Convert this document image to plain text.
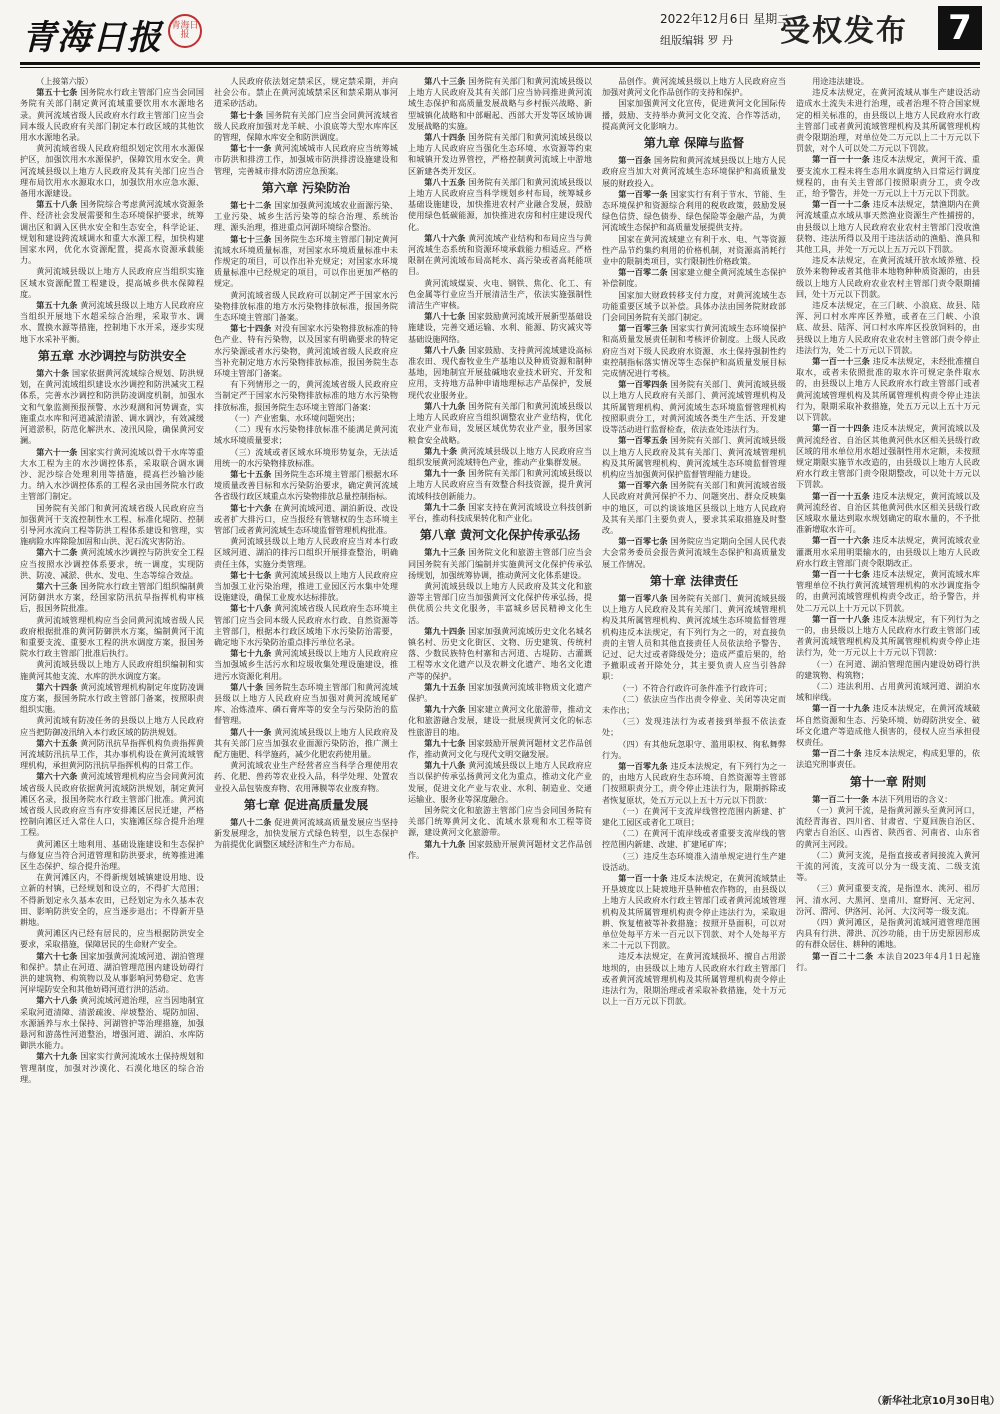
青海日报 青海日报
2022年12月6日 星期二
组版编辑 罗 丹 受权发布 7

（上接第六版）

第五十七条 国务院水行政主管部门应当会同国务院有关部门制定黄河流域重要饮用水水源地名录。黄河流域省级人民政府水行政主管部门应当会同本级人民政府有关部门制定本行政区域的其他饮用水水源地名录。

黄河流域省级人民政府组织划定饮用水水源保护区，加强饮用水水源保护，保障饮用水安全。黄河流域县级以上地方人民政府及其有关部门应当合理布局饮用水水源取水口，加强饮用水应急水源、备用水源建设。

第五十八条 国务院综合考虑黄河流域水资源条件、经济社会发展需要和生态环境保护要求，统筹调出区和调入区供水安全和生态安全，科学论证、规划和建设跨流域调水和重大水源工程，加快构建国家水网，优化水资源配置，提高水资源承载能力。

黄河流域县级以上地方人民政府应当组织实施区域水资源配置工程建设，提高城乡供水保障程度。

第五十九条 黄河流域县级以上地方人民政府应当组织开展地下水超采综合治理，采取节水、调水、置换水源等措施，控制地下水开采，逐步实现地下水采补平衡。

第五章 水沙调控与防洪安全

第六十条 国家依据黄河流域综合规划、防洪规划，在黄河流域组织建设水沙调控和防洪减灾工程体系，完善水沙调控和防洪防凌调度机制，加强水文和气象监测预报预警、水沙观测和河势调查，实施重点水库和河道减淤清淤、调水调沙，有效减缓河道淤积，防范化解洪水、凌汛风险，确保黄河安澜。

第六十一条 国家实行黄河流域以骨干水库等重大水工程为主的水沙调控体系，采取联合调水调沙、泥沙综合处理利用等措施，提高拦沙输沙能力。纳入水沙调控体系的工程名录由国务院水行政主管部门制定。

国务院有关部门和黄河流域省级人民政府应当加强黄河干支流控制性水工程、标准化堤防、控制引导河水流向工程等防洪工程体系建设和管理，实施病险水库除险加固和山洪、泥石流灾害防治。

第六十二条 黄河流域水沙调控与防洪安全工程应当按照水沙调控体系要求，统一调度，实现防洪、防凌、减淤、供水、发电、生态等综合效益。

第六十三条 国务院水行政主管部门组织编制黄河防御洪水方案，经国家防汛抗旱指挥机构审核后，报国务院批准。

黄河流域管理机构应当会同黄河流域省级人民政府根据批准的黄河防御洪水方案，编制黄河干流和重要支流、重要水工程的洪水调度方案，报国务院水行政主管部门批准后执行。

黄河流域县级以上地方人民政府组织编制和实施黄河其他支流、水库的洪水调度方案。

第六十四条 黄河流域管理机构制定年度防凌调度方案，报国务院水行政主管部门备案，按照职责组织实施。

黄河流域有防凌任务的县级以上地方人民政府应当把防御凌汛纳入本行政区域的防洪规划。

第六十五条 黄河防汛抗旱指挥机构负责指挥黄河流域防汛抗旱工作，其办事机构设在黄河流域管理机构，承担黄河防汛抗旱指挥机构的日常工作。

第六十六条 黄河流域管理机构应当会同黄河流域省级人民政府依据黄河流域防洪规划，制定黄河滩区名录，报国务院水行政主管部门批准。黄河流域省级人民政府应当有序安排滩区居民迁建，严格控制向滩区迁入常住人口，实施滩区综合提升治理工程。

黄河滩区土地利用、基础设施建设和生态保护与修复应当符合河道管理和防洪要求，统筹推进滩区生态保护、综合提升治理。

在黄河滩区内，不得新规划城镇建设用地、设立新的村镇，已经规划和设立的，不得扩大范围；不得新划定永久基本农田，已经划定为永久基本农田、影响防洪安全的，应当逐步退出；不得新开垦耕地。

黄河滩区内已经有居民的，应当根据防洪安全要求，采取措施，保障居民的生命财产安全。

第六十七条 国家加强黄河流域河道、湖泊管理和保护。禁止在河道、湖泊管理范围内建设妨碍行洪的建筑物、构筑物以及从事影响河势稳定、危害河岸堤防安全和其他妨碍河道行洪的活动。

第六十八条 黄河流域河道治理，应当因地制宜采取河道清障、清淤疏浚、岸坡整治、堤防加固、水源涵养与水土保持、河湖管护等治理措施，加强悬河和游荡性河道整治，增强河道、湖泊、水库防御洪水能力。

第六十九条 国家实行黄河流域水土保持规划和管理制度，加强对沙漠化、石漠化地区的综合治理。

人民政府依法划定禁采区，规定禁采期，并向社会公布。禁止在黄河流域禁采区和禁采期从事河道采砂活动。

第七十条 国务院有关部门应当会同黄河流域省级人民政府加强对龙羊峡、小浪底等大型水库库区的管理，保障水库安全和防洪调度。

第七十一条 黄河流域城市人民政府应当统筹城市防洪和排涝工作，加强城市防洪排涝设施建设和管理，完善城市排水防涝应急预案。

第六章 污染防治

第七十二条 国家加强黄河流域农业面源污染、工业污染、城乡生活污染等的综合治理、系统治理、源头治理，推进重点河湖环境综合整治。

第七十三条 国务院生态环境主管部门制定黄河流域水环境质量标准，对国家水环境质量标准中未作规定的项目，可以作出补充规定；对国家水环境质量标准中已经规定的项目，可以作出更加严格的规定。

黄河流域省级人民政府可以制定严于国家水污染物排放标准的地方水污染物排放标准，报国务院生态环境主管部门备案。

第七十四条 对没有国家水污染物排放标准的特色产业、特有污染物，以及国家有明确要求的特定水污染源或者水污染物，黄河流域省级人民政府应当补充制定地方水污染物排放标准，报国务院生态环境主管部门备案。

有下列情形之一的，黄河流域省级人民政府应当制定严于国家水污染物排放标准的地方水污染物排放标准，报国务院生态环境主管部门备案：

（一）产业密集、水环境问题突出；

（二）现有水污染物排放标准不能满足黄河流域水环境质量要求；

（三）流域或者区域水环境形势复杂，无法适用统一的水污染物排放标准。

第七十五条 国务院生态环境主管部门根据水环境质量改善目标和水污染防治要求，确定黄河流域各省级行政区域重点水污染物排放总量控制指标。

第七十六条 在黄河流域河道、湖泊新设、改设或者扩大排污口，应当报经有管辖权的生态环境主管部门或者黄河流域生态环境监督管理机构批准。

黄河流域县级以上地方人民政府应当对本行政区域河道、湖泊的排污口组织开展排查整治，明确责任主体，实施分类管理。

第七十七条 黄河流域县级以上地方人民政府应当加强工业污染治理，推进工业园区污水集中处理设施建设，确保工业废水达标排放。

第七十八条 黄河流域省级人民政府生态环境主管部门应当会同本级人民政府水行政、自然资源等主管部门，根据本行政区域地下水污染防治需要，确定地下水污染防治重点排污单位名录。

第七十九条 黄河流域县级以上地方人民政府应当加强城乡生活污水和垃圾收集处理设施建设，推进污水资源化利用。

第八十条 国务院生态环境主管部门和黄河流域县级以上地方人民政府应当加强对黄河流域尾矿库、冶炼渣库、磷石膏库等的安全与污染防治的监督管理。

第八十一条 黄河流域县级以上地方人民政府及其有关部门应当加强农业面源污染防治，推广测土配方施肥、科学施药，减少化肥农药使用量。

黄河流域农业生产经营者应当科学合理使用农药、化肥、兽药等农业投入品，科学处理、处置农业投入品包装废弃物、农用薄膜等农业废弃物。

第七章 促进高质量发展

第八十二条 促进黄河流域高质量发展应当坚持新发展理念，加快发展方式绿色转型，以生态保护为前提优化调整区域经济和生产力布局。

第八十三条 国务院有关部门和黄河流域县级以上地方人民政府及其有关部门应当协同推进黄河流域生态保护和高质量发展战略与乡村振兴战略、新型城镇化战略和中部崛起、西部大开发等区域协调发展战略的实施。

第八十四条 国务院有关部门和黄河流域县级以上地方人民政府应当强化生态环境、水资源等约束和城镇开发边界管控，严格控制黄河流域上中游地区新建各类开发区。

第八十五条 国务院有关部门和黄河流域县级以上地方人民政府应当科学规划乡村布局，统筹城乡基础设施建设，加快推进农村产业融合发展，鼓励使用绿色低碳能源，加快推进农房和村庄建设现代化。

第八十六条 黄河流域产业结构和布局应当与黄河流域生态系统和资源环境承载能力相适应。严格限制在黄河流域布局高耗水、高污染或者高耗能项目。

黄河流域煤炭、火电、钢铁、焦化、化工、有色金属等行业应当开展清洁生产，依法实施强制性清洁生产审核。

第八十七条 国家鼓励黄河流域开展新型基础设施建设，完善交通运输、水利、能源、防灾减灾等基础设施网络。

第八十八条 国家鼓励、支持黄河流域建设高标准农田、现代畜牧业生产基地以及种质资源和制种基地，因地制宜开展盐碱地农业技术研究、开发和应用，支持地方品种申请地理标志产品保护，发展现代农业服务业。

第八十九条 国务院有关部门和黄河流域县级以上地方人民政府应当组织调整农业产业结构，优化农业产业布局，发展区域优势农业产业，服务国家粮食安全战略。

第九十条 黄河流域县级以上地方人民政府应当组织发展黄河流域特色产业，推动产业集群发展。

第九十一条 国务院有关部门和黄河流域县级以上地方人民政府应当有效整合科技资源，提升黄河流域科技创新能力。

第九十二条 国家支持在黄河流域设立科技创新平台，推动科技成果转化和产业化。

第八章 黄河文化保护传承弘扬

第九十三条 国务院文化和旅游主管部门应当会同国务院有关部门编制并实施黄河文化保护传承弘扬规划，加强统筹协调，推动黄河文化体系建设。

黄河流域县级以上地方人民政府及其文化和旅游等主管部门应当加强黄河文化保护传承弘扬，提供优质公共文化服务，丰富城乡居民精神文化生活。

第九十四条 国家加强黄河流域历史文化名城名镇名村、历史文化街区、文物、历史建筑、传统村落、少数民族特色村寨和古河道、古堤防、古灌溉工程等水文化遗产以及农耕文化遗产、地名文化遗产等的保护。

第九十五条 国家加强黄河流域非物质文化遗产保护。

第九十六条 国家建立黄河文化旅游带，推动文化和旅游融合发展，建设一批展现黄河文化的标志性旅游目的地。

第九十七条 国家鼓励开展黄河题材文艺作品创作，推动黄河文化与现代文明交融发展。

第九十八条 黄河流域县级以上地方人民政府应当以保护传承弘扬黄河文化为重点，推动文化产业发展，促进文化产业与农业、水利、制造业、交通运输业、服务业等深度融合。

国务院文化和旅游主管部门应当会同国务院有关部门统筹黄河文化、流域水景观和水工程等资源，建设黄河文化旅游带。

第九十九条 国家鼓励开展黄河题材文艺作品创作。

品创作。黄河流域县级以上地方人民政府应当加强对黄河文化作品创作的支持和保护。

国家加强黄河文化宣传，促进黄河文化国际传播，鼓励、支持举办黄河文化交流、合作等活动，提高黄河文化影响力。

第九章 保障与监督

第一百条 国务院和黄河流域县级以上地方人民政府应当加大对黄河流域生态环境保护和高质量发展的财政投入。

第一百零一条 国家实行有利于节水、节能、生态环境保护和资源综合利用的税收政策，鼓励发展绿色信贷、绿色债券、绿色保险等金融产品，为黄河流域生态保护和高质量发展提供支持。

国家在黄河流域建立有利于水、电、气等资源性产品节约集约利用的价格机制，对资源高消耗行业中的限制类项目，实行限制性价格政策。

第一百零二条 国家建立健全黄河流域生态保护补偿制度。

国家加大财政转移支付力度，对黄河流域生态功能重要区域予以补偿。具体办法由国务院财政部门会同国务院有关部门制定。

第一百零三条 国家实行黄河流域生态环境保护和高质量发展责任制和考核评价制度。上级人民政府应当对下级人民政府水资源、水土保持强制性约束控制指标落实情况等生态保护和高质量发展目标完成情况进行考核。

第一百零四条 国务院有关部门、黄河流域县级以上地方人民政府有关部门、黄河流域管理机构及其所属管理机构、黄河流域生态环境监督管理机构按照职责分工，对黄河流域各类生产生活、开发建设等活动进行监督检查，依法查处违法行为。

第一百零五条 国务院有关部门、黄河流域县级以上地方人民政府及其有关部门、黄河流域管理机构及其所属管理机构、黄河流域生态环境监督管理机构应当加强黄河保护监督管理能力建设。

第一百零六条 国务院有关部门和黄河流域省级人民政府对黄河保护不力、问题突出、群众反映集中的地区，可以约谈该地区县级以上地方人民政府及其有关部门主要负责人，要求其采取措施及时整改。

第一百零七条 国务院应当定期向全国人民代表大会常务委员会报告黄河流域生态保护和高质量发展工作情况。

第十章 法律责任

第一百零八条 国务院有关部门、黄河流域县级以上地方人民政府及其有关部门、黄河流域管理机构及其所属管理机构、黄河流域生态环境监督管理机构违反本法规定，有下列行为之一的，对直接负责的主管人员和其他直接责任人员依法给予警告、记过、记大过或者降级处分；造成严重后果的，给予撤职或者开除处分，其主要负责人应当引咎辞职：

（一）不符合行政许可条件准予行政许可；

（二）依法应当作出责令停业、关闭等决定而未作出；

（三）发现违法行为或者接到举报不依法查处；

（四）有其他玩忽职守、滥用职权、徇私舞弊行为。

第一百零九条 违反本法规定，有下列行为之一的，由地方人民政府生态环境、自然资源等主管部门按照职责分工，责令停止违法行为，限期拆除或者恢复原状，处五万元以上五十万元以下罚款：

（一）在黄河干支流岸线管控范围内新建、扩建化工园区或者化工项目；

（二）在黄河干流岸线或者重要支流岸线的管控范围内新建、改建、扩建尾矿库；

（三）违反生态环境准入清单规定进行生产建设活动。

第一百一十条 违反本法规定，在黄河流域禁止开垦坡度以上陡坡地开垦种植农作物的，由县级以上地方人民政府水行政主管部门或者黄河流域管理机构及其所属管理机构责令停止违法行为，采取退耕、恢复植被等补救措施；按照开垦面积，可以对单位处每平方米一百元以下罚款、对个人处每平方米二十元以下罚款。

违反本法规定，在黄河流域损坏、擅自占用淤地坝的，由县级以上地方人民政府水行政主管部门或者黄河流域管理机构及其所属管理机构责令停止违法行为，限期治理或者采取补救措施，处十万元以上一百万元以下罚款。

用途违法建设。

违反本法规定，在黄河流域从事生产建设活动造成水土流失未进行治理，或者治理不符合国家规定的相关标准的，由县级以上地方人民政府水行政主管部门或者黄河流域管理机构及其所属管理机构责令限期治理，对单位处二万元以上二十万元以下罚款，对个人可以处二万元以下罚款。

第一百一十一条 违反本法规定，黄河干流、重要支流水工程未将生态用水调度纳入日常运行调度规程的，由有关主管部门按照职责分工，责令改正，给予警告，并处一万元以上十万元以下罚款。

第一百一十二条 违反本法规定，禁渔期内在黄河流域重点水域从事天然渔业资源生产性捕捞的，由县级以上地方人民政府农业农村主管部门没收渔获物、违法所得以及用于违法活动的渔船、渔具和其他工具，并处一万元以上五万元以下罚款。

违反本法规定，在黄河流域开放水域养殖、投放外来物种或者其他非本地物种种质资源的，由县级以上地方人民政府农业农村主管部门责令限期捕回，处十万元以下罚款。

违反本法规定，在三门峡、小浪底、故县、陆浑、河口村水库库区养殖，或者在三门峡、小浪底、故县、陆浑、河口村水库库区投放饲料的，由县级以上地方人民政府农业农村主管部门责令停止违法行为，处二十万元以下罚款。

第一百一十三条 违反本法规定，未经批准擅自取水，或者未依照批准的取水许可规定条件取水的，由县级以上地方人民政府水行政主管部门或者黄河流域管理机构及其所属管理机构责令停止违法行为，限期采取补救措施，处五万元以上五十万元以下罚款。

第一百一十四条 违反本法规定，黄河流域以及黄河流经省、自治区其他黄河供水区相关县级行政区域的用水单位用水超过强制性用水定额，未按照规定期限实施节水改造的，由县级以上地方人民政府水行政主管部门责令限期整改，可以处十万元以下罚款。

第一百一十五条 违反本法规定，黄河流域以及黄河流经省、自治区其他黄河供水区相关县级行政区域取水量达到取水规划确定的取水量的，不予批准新增取水许可。

第一百一十六条 违反本法规定，黄河流域农业灌溉用水采用明渠输水的，由县级以上地方人民政府水行政主管部门责令限期改正。

第一百一十七条 违反本法规定，黄河流域水库管理单位不执行黄河流域管理机构的水沙调度指令的，由黄河流域管理机构责令改正，给予警告，并处二万元以上十万元以下罚款。

第一百一十八条 违反本法规定，有下列行为之一的，由县级以上地方人民政府水行政主管部门或者黄河流域管理机构及其所属管理机构责令停止违法行为，处一万元以上十万元以下罚款：

（一）在河道、湖泊管理范围内建设妨碍行洪的建筑物、构筑物；

（二）违法利用、占用黄河流域河道、湖泊水域和岸线。

第一百一十九条 违反本法规定，在黄河流域破坏自然资源和生态、污染环境、妨碍防洪安全、破坏文化遗产等造成他人损害的，侵权人应当承担侵权责任。

第一百二十条 违反本法规定，构成犯罪的，依法追究刑事责任。

第十一章 附则

第一百二十一条 本法下列用语的含义：

（一）黄河干流，是指黄河源头至黄河河口，流经青海省、四川省、甘肃省、宁夏回族自治区、内蒙古自治区、山西省、陕西省、河南省、山东省的黄河主河段。

（二）黄河支流，是指直接或者间接流入黄河干流的河流，支流可以分为一级支流、二级支流等。

（三）黄河重要支流，是指湟水、洮河、祖厉河、清水河、大黑河、皇甫川、窟野河、无定河、汾河、渭河、伊洛河、沁河、大汶河等一级支流。

（四）黄河滩区，是指黄河流域河道管理范围内具有行洪、滞洪、沉沙功能，由于历史原因形成的有群众居住、耕种的滩地。

第一百二十二条 本法自2023年4月1日起施行。

（新华社北京10月30日电）
